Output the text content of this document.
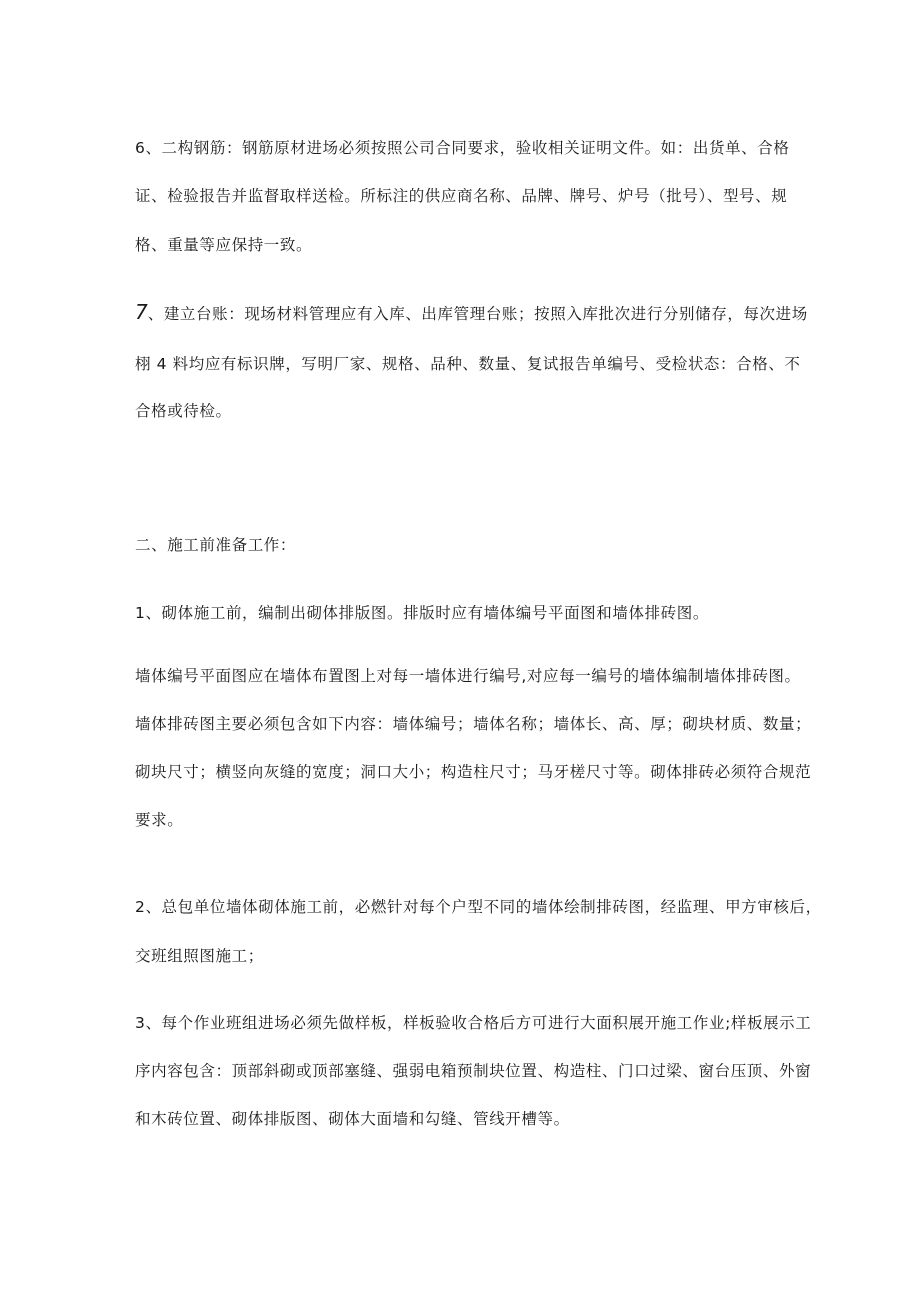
6、二构钢筋：钢筋原材进场必须按照公司合同要求，验收相关证明文件。如：出货单、合格

证、检验报告并监督取样送检。所标注的供应商名称、品牌、牌号、炉号（批号）、型号、规

格、重量等应保持一致。

7、建立台账：现场材料管理应有入库、出库管理台账；按照入库批次进行分别储存，每次进场

栩 4 料均应有标识牌，写明厂家、规格、品种、数量、复试报告单编号、受检状态：合格、不

合格或待检。

二、施工前准备工作：

1、砌体施工前，编制出砌体排版图。排版时应有墙体编号平面图和墙体排砖图。

墙体编号平面图应在墙体布置图上对每一墙体进行编号,对应每一编号的墙体编制墙体排砖图。

墙体排砖图主要必须包含如下内容：墙体编号；墙体名称；墙体长、高、厚；砌块材质、数量；

砌块尺寸；横竖向灰缝的宽度；洞口大小；构造柱尺寸；马牙槎尺寸等。砌体排砖必须符合规范

要求。

2、总包单位墙体砌体施工前，必燃针对每个户型不同的墙体绘制排砖图，经监理、甲方审核后，

交班组照图施工；

3、每个作业班组进场必须先做样板，样板验收合格后方可进行大面积展开施工作业;样板展示工

序内容包含：顶部斜砌或顶部塞缝、强弱电箱预制块位置、构造柱、门口过梁、窗台压顶、外窗

和木砖位置、砌体排版图、砌体大面墙和勾缝、管线开槽等。
